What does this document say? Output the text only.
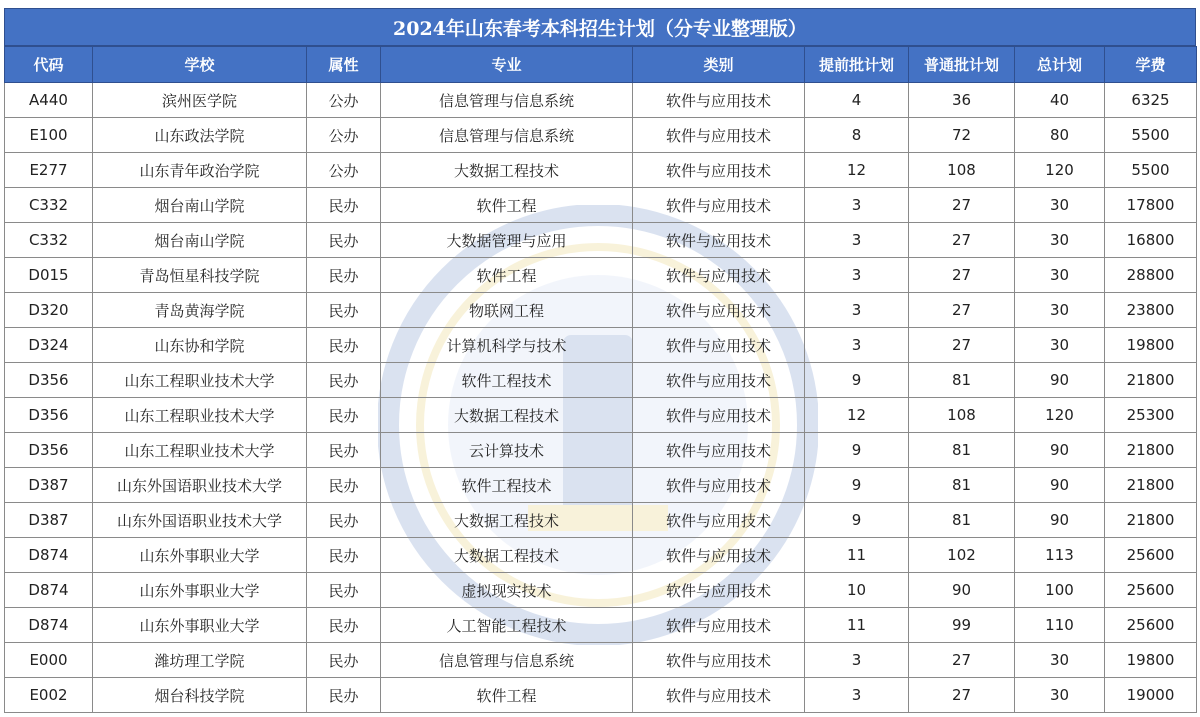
2024年山东春考本科招生计划（分专业整理版）
代码	学校	属性	专业	类别	提前批计划	普通批计划	总计划	学费
A440	滨州医学院	公办	信息管理与信息系统	软件与应用技术	4	36	40	6325
E100	山东政法学院	公办	信息管理与信息系统	软件与应用技术	8	72	80	5500
E277	山东青年政治学院	公办	大数据工程技术	软件与应用技术	12	108	120	5500
C332	烟台南山学院	民办	软件工程	软件与应用技术	3	27	30	17800
C332	烟台南山学院	民办	大数据管理与应用	软件与应用技术	3	27	30	16800
D015	青岛恒星科技学院	民办	软件工程	软件与应用技术	3	27	30	28800
D320	青岛黄海学院	民办	物联网工程	软件与应用技术	3	27	30	23800
D324	山东协和学院	民办	计算机科学与技术	软件与应用技术	3	27	30	19800
D356	山东工程职业技术大学	民办	软件工程技术	软件与应用技术	9	81	90	21800
D356	山东工程职业技术大学	民办	大数据工程技术	软件与应用技术	12	108	120	25300
D356	山东工程职业技术大学	民办	云计算技术	软件与应用技术	9	81	90	21800
D387	山东外国语职业技术大学	民办	软件工程技术	软件与应用技术	9	81	90	21800
D387	山东外国语职业技术大学	民办	大数据工程技术	软件与应用技术	9	81	90	21800
D874	山东外事职业大学	民办	大数据工程技术	软件与应用技术	11	102	113	25600
D874	山东外事职业大学	民办	虚拟现实技术	软件与应用技术	10	90	100	25600
D874	山东外事职业大学	民办	人工智能工程技术	软件与应用技术	11	99	110	25600
E000	潍坊理工学院	民办	信息管理与信息系统	软件与应用技术	3	27	30	19800
E002	烟台科技学院	民办	软件工程	软件与应用技术	3	27	30	19000
